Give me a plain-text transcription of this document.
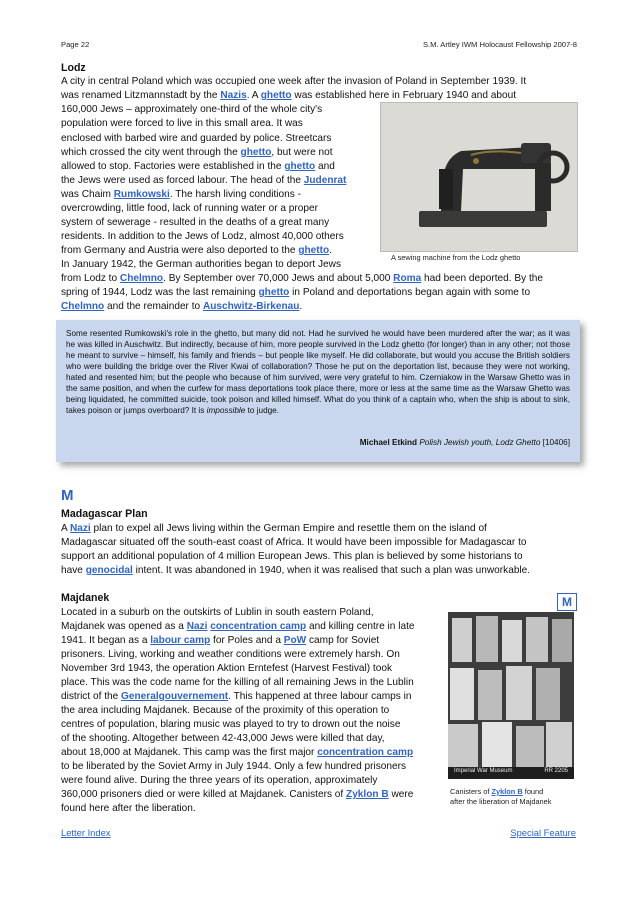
Page 22	S.M. Artley IWM Holocaust Fellowship 2007-8
Lodz
A city in central Poland which was occupied one week after the invasion of Poland in September 1939. It
was renamed Litzmannstadt by the Nazis. A ghetto was established here in February 1940 and about
160,000 Jews – approximately one-third of the whole city's
population were forced to live in this small area. It was
enclosed with barbed wire and guarded by police. Streetcars
which crossed the city went through the ghetto, but were not
allowed to stop. Factories were established in the ghetto and
the Jews were used as forced labour. The head of the Judenrat
was Chaim Rumkowski. The harsh living conditions -
overcrowding, little food, lack of running water or a proper
system of sewerage - resulted in the deaths of a great many
residents. In addition to the Jews of Lodz, almost 40,000 others
from Germany and Austria were also deported to the ghetto.
In January 1942, the German authorities began to deport Jews
A sewing machine from the Lodz ghetto
from Lodz to Chelmno. By September over 70,000 Jews and about 5,000 Roma had been deported. By the
spring of 1944, Lodz was the last remaining ghetto in Poland and deportations began again with some to
Chelmno and the remainder to Auschwitz-Birkenau.
Some resented Rumkowski's role in the ghetto, but many did not. Had he survived he would have been murdered after the war; as it was he was killed in Auschwitz. But indirectly, because of him, more people survived in the Lodz ghetto (for longer) than in any other; not those he meant to survive – himself, his family and friends – but people like myself. He did collaborate, but would you accuse the British soldiers who were building the bridge over the River Kwai of collaboration? Those he put on the deportation list, because they were not working, hated and resented him; but the people who because of him survived, were very grateful to him. Czerniakow in the Warsaw Ghetto was in the same position, and when the curfew for mass deportations took place there, more or less at the same time as the Warsaw Ghetto was being liquidated, he committed suicide, took poison and killed himself. What do you think of a captain who, when the ship is about to sink, takes poison or jumps overboard? It is impossible to judge.
Michael Etkind Polish Jewish youth, Lodz Ghetto [10406]
M
Madagascar Plan
A Nazi plan to expel all Jews living within the German Empire and resettle them on the island of
Madagascar situated off the south-east coast of Africa. It would have been impossible for Madagascar to
support an additional population of 4 million European Jews. This plan is believed by some historians to
have genocidal intent. It was abandoned in 1940, when it was realised that such a plan was unworkable.
Majdanek	M
Located in a suburb on the outskirts of Lublin in south eastern Poland,
Majdanek was opened as a Nazi concentration camp and killing centre in late
1941. It began as a labour camp for Poles and a PoW camp for Soviet
prisoners. Living, working and weather conditions were extremely harsh. On
November 3rd 1943, the operation Aktion Erntefest (Harvest Festival) took
place. This was the code name for the killing of all remaining Jews in the Lublin
district of the Generalgouvernement. This happened at three labour camps in
the area including Majdanek. Because of the proximity of this operation to
centres of population, blaring music was played to try to drown out the noise
of the shooting. Altogether between 42-43,000 Jews were killed that day,
about 18,000 at Majdanek. This camp was the first major concentration camp
to be liberated by the Soviet Army in July 1944. Only a few hundred prisoners
were found alive. During the three years of its operation, approximately
360,000 prisoners died or were killed at Majdanek. Canisters of Zyklon B were
found here after the liberation.
Imperial War Museum	RR 2205
Canisters of Zyklon B found
after the liberation of Majdanek
Letter Index	Special Feature
